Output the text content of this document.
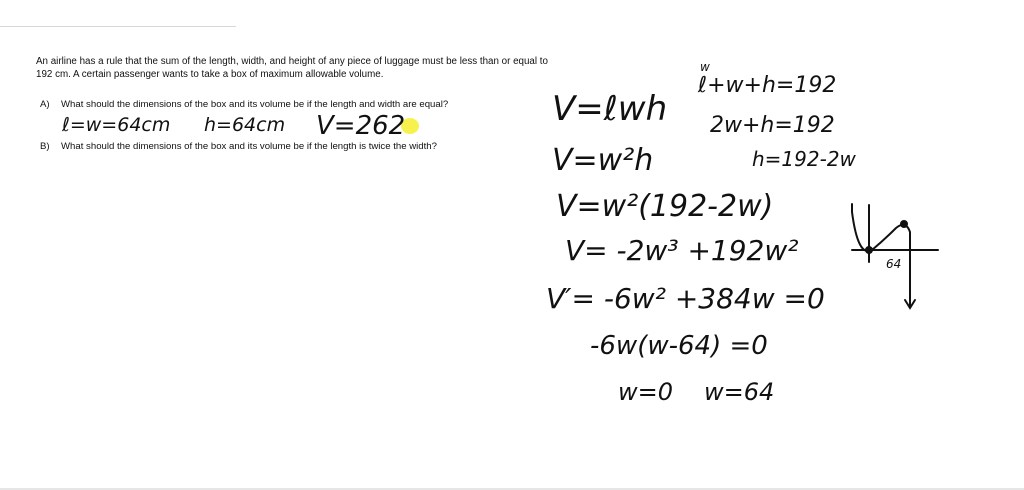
An airline has a rule that the sum of the length, width, and height of any piece of luggage must be less than or equal to 192 cm. A certain passenger wants to take a box of maximum allowable volume.
A) What should the dimensions of the box and its volume be if the length and width are equal?
B) What should the dimensions of the box and its volume be if the length is twice the width?
ℓ=w=64cm h=64cm V=262	V=ℓwh
V=w²h
V=w²(192-2w)
V= -2w³ +192w²
V′= -6w² +384w =0
-6w(w-64) =0
w=0 w=64
w
ℓ+w+h=192
2w+h=192
h=192-2w
64
